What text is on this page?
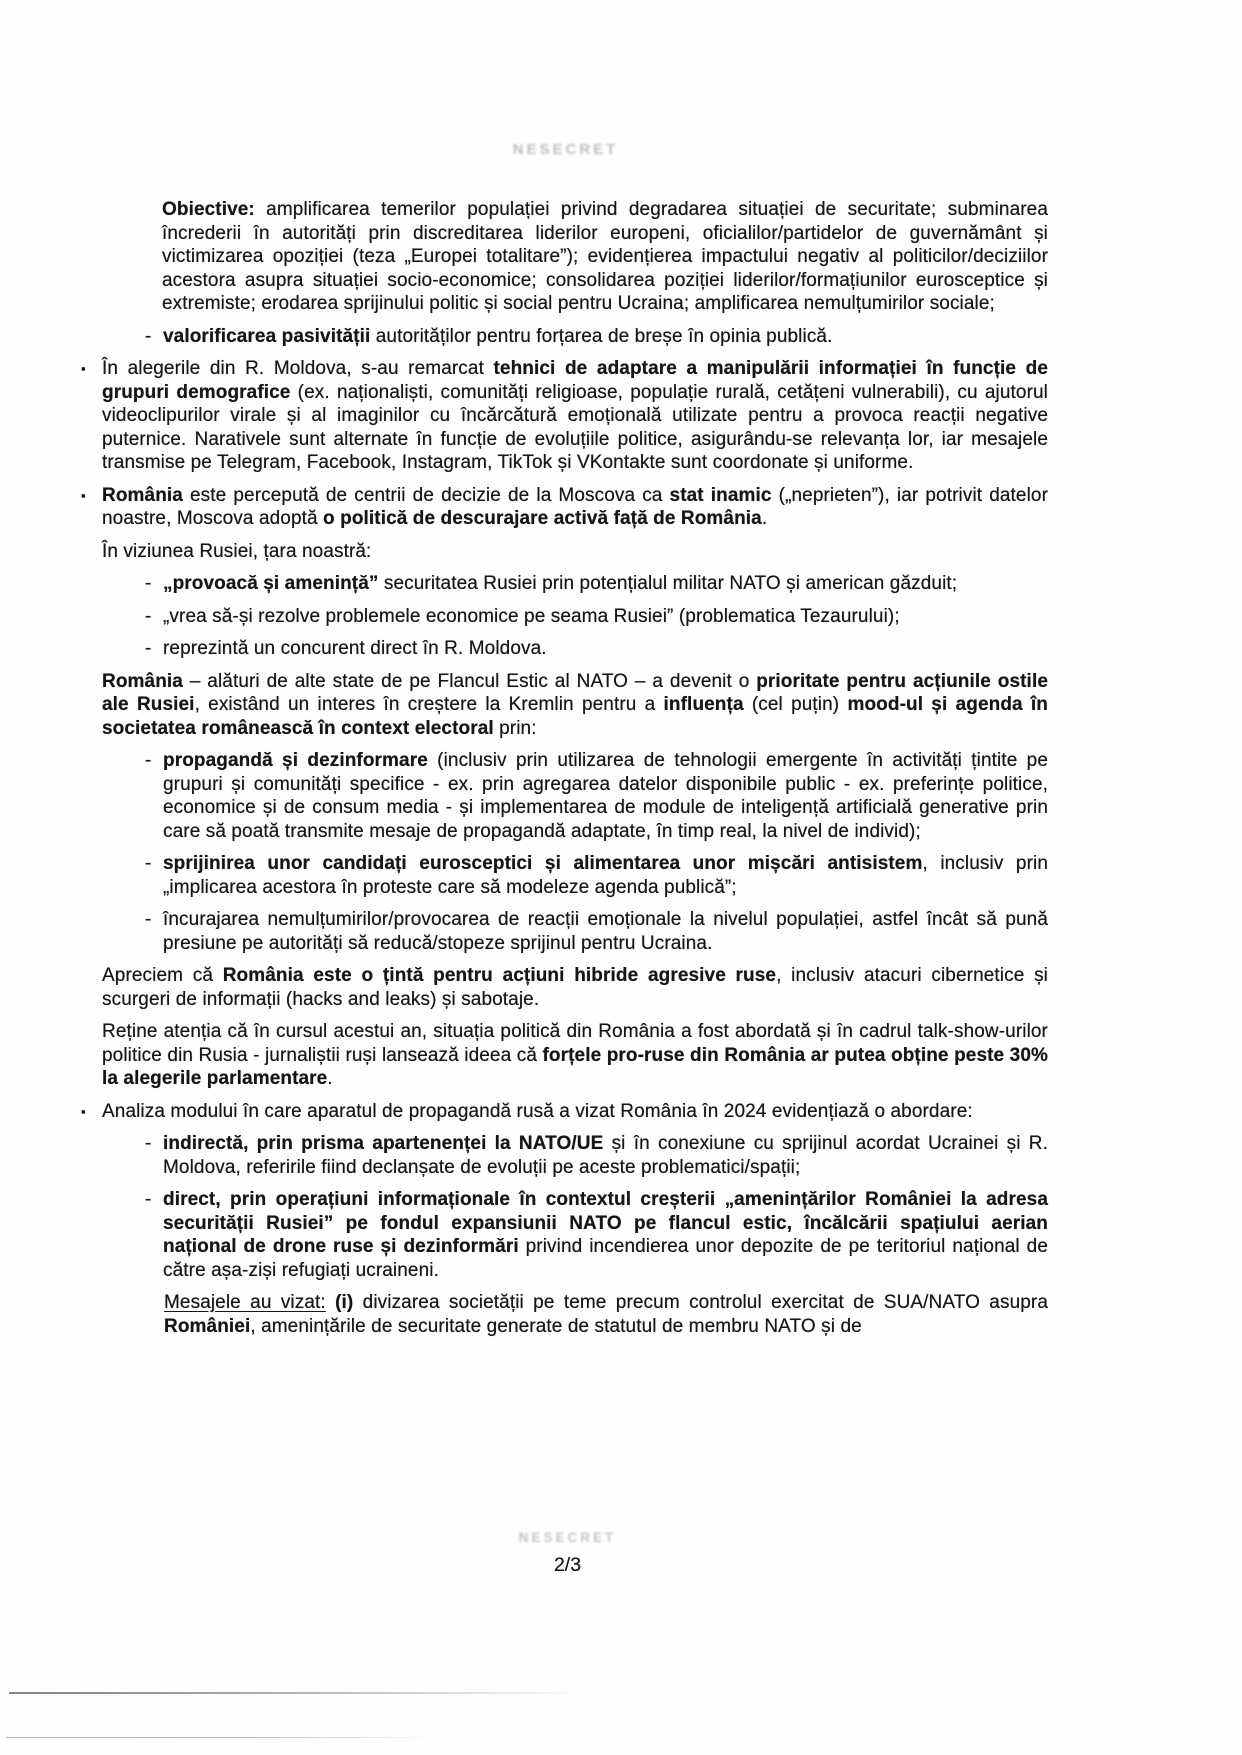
NESECRET
Obiective: amplificarea temerilor populației privind degradarea situației de securitate; subminarea încrederii în autorități prin discreditarea liderilor europeni, oficialilor/partidelor de guvernământ și victimizarea opoziției (teza „Europei totalitare”); evidențierea impactului negativ al politicilor/deciziilor acestora asupra situației socio-economice; consolidarea poziției liderilor/formațiunilor eurosceptice și extremiste; erodarea sprijinului politic și social pentru Ucraina; amplificarea nemulțumirilor sociale;
- valorificarea pasivității autorităților pentru forțarea de breșe în opinia publică.
▪ În alegerile din R. Moldova, s-au remarcat tehnici de adaptare a manipulării informației în funcție de grupuri demografice (ex. naționaliști, comunități religioase, populație rurală, cetățeni vulnerabili), cu ajutorul videoclipurilor virale și al imaginilor cu încărcătură emoțională utilizate pentru a provoca reacții negative puternice. Narativele sunt alternate în funcție de evoluțiile politice, asigurându-se relevanța lor, iar mesajele transmise pe Telegram, Facebook, Instagram, TikTok și VKontakte sunt coordonate și uniforme.
▪ România este percepută de centrii de decizie de la Moscova ca stat inamic („neprieten”), iar potrivit datelor noastre, Moscova adoptă o politică de descurajare activă față de România.
În viziunea Rusiei, țara noastră:
- „provoacă și amenință” securitatea Rusiei prin potențialul militar NATO și american găzduit;
- „vrea să-și rezolve problemele economice pe seama Rusiei” (problematica Tezaurului);
- reprezintă un concurent direct în R. Moldova.
România – alături de alte state de pe Flancul Estic al NATO – a devenit o prioritate pentru acțiunile ostile ale Rusiei, existând un interes în creștere la Kremlin pentru a influența (cel puțin) mood-ul și agenda în societatea românească în context electoral prin:
- propagandă și dezinformare (inclusiv prin utilizarea de tehnologii emergente în activități țintite pe grupuri și comunități specifice - ex. prin agregarea datelor disponibile public - ex. preferințe politice, economice și de consum media - și implementarea de module de inteligență artificială generative prin care să poată transmite mesaje de propagandă adaptate, în timp real, la nivel de individ);
- sprijinirea unor candidați eurosceptici și alimentarea unor mișcări antisistem, inclusiv prin „implicarea acestora în proteste care să modeleze agenda publică”;
- încurajarea nemulțumirilor/provocarea de reacții emoționale la nivelul populației, astfel încât să pună presiune pe autorități să reducă/stopeze sprijinul pentru Ucraina.
Apreciem că România este o țintă pentru acțiuni hibride agresive ruse, inclusiv atacuri cibernetice și scurgeri de informații (hacks and leaks) și sabotaje.
Reține atenția că în cursul acestui an, situația politică din România a fost abordată și în cadrul talk-show-urilor politice din Rusia - jurnaliștii ruși lansează ideea că forțele pro-ruse din România ar putea obține peste 30% la alegerile parlamentare.
▪ Analiza modului în care aparatul de propagandă rusă a vizat România în 2024 evidențiază o abordare:
- indirectă, prin prisma apartenenței la NATO/UE și în conexiune cu sprijinul acordat Ucrainei și R. Moldova, referirile fiind declanșate de evoluții pe aceste problematici/spații;
- direct, prin operațiuni informaționale în contextul creșterii „amenințărilor României la adresa securității Rusiei” pe fondul expansiunii NATO pe flancul estic, încălcării spațiului aerian național de drone ruse și dezinformări privind incendierea unor depozite de pe teritoriul național de către așa-ziși refugiați ucraineni.
Mesajele au vizat: (i) divizarea societății pe teme precum controlul exercitat de SUA/NATO asupra României, amenințările de securitate generate de statutul de membru NATO și de
NESECRET
2/3
